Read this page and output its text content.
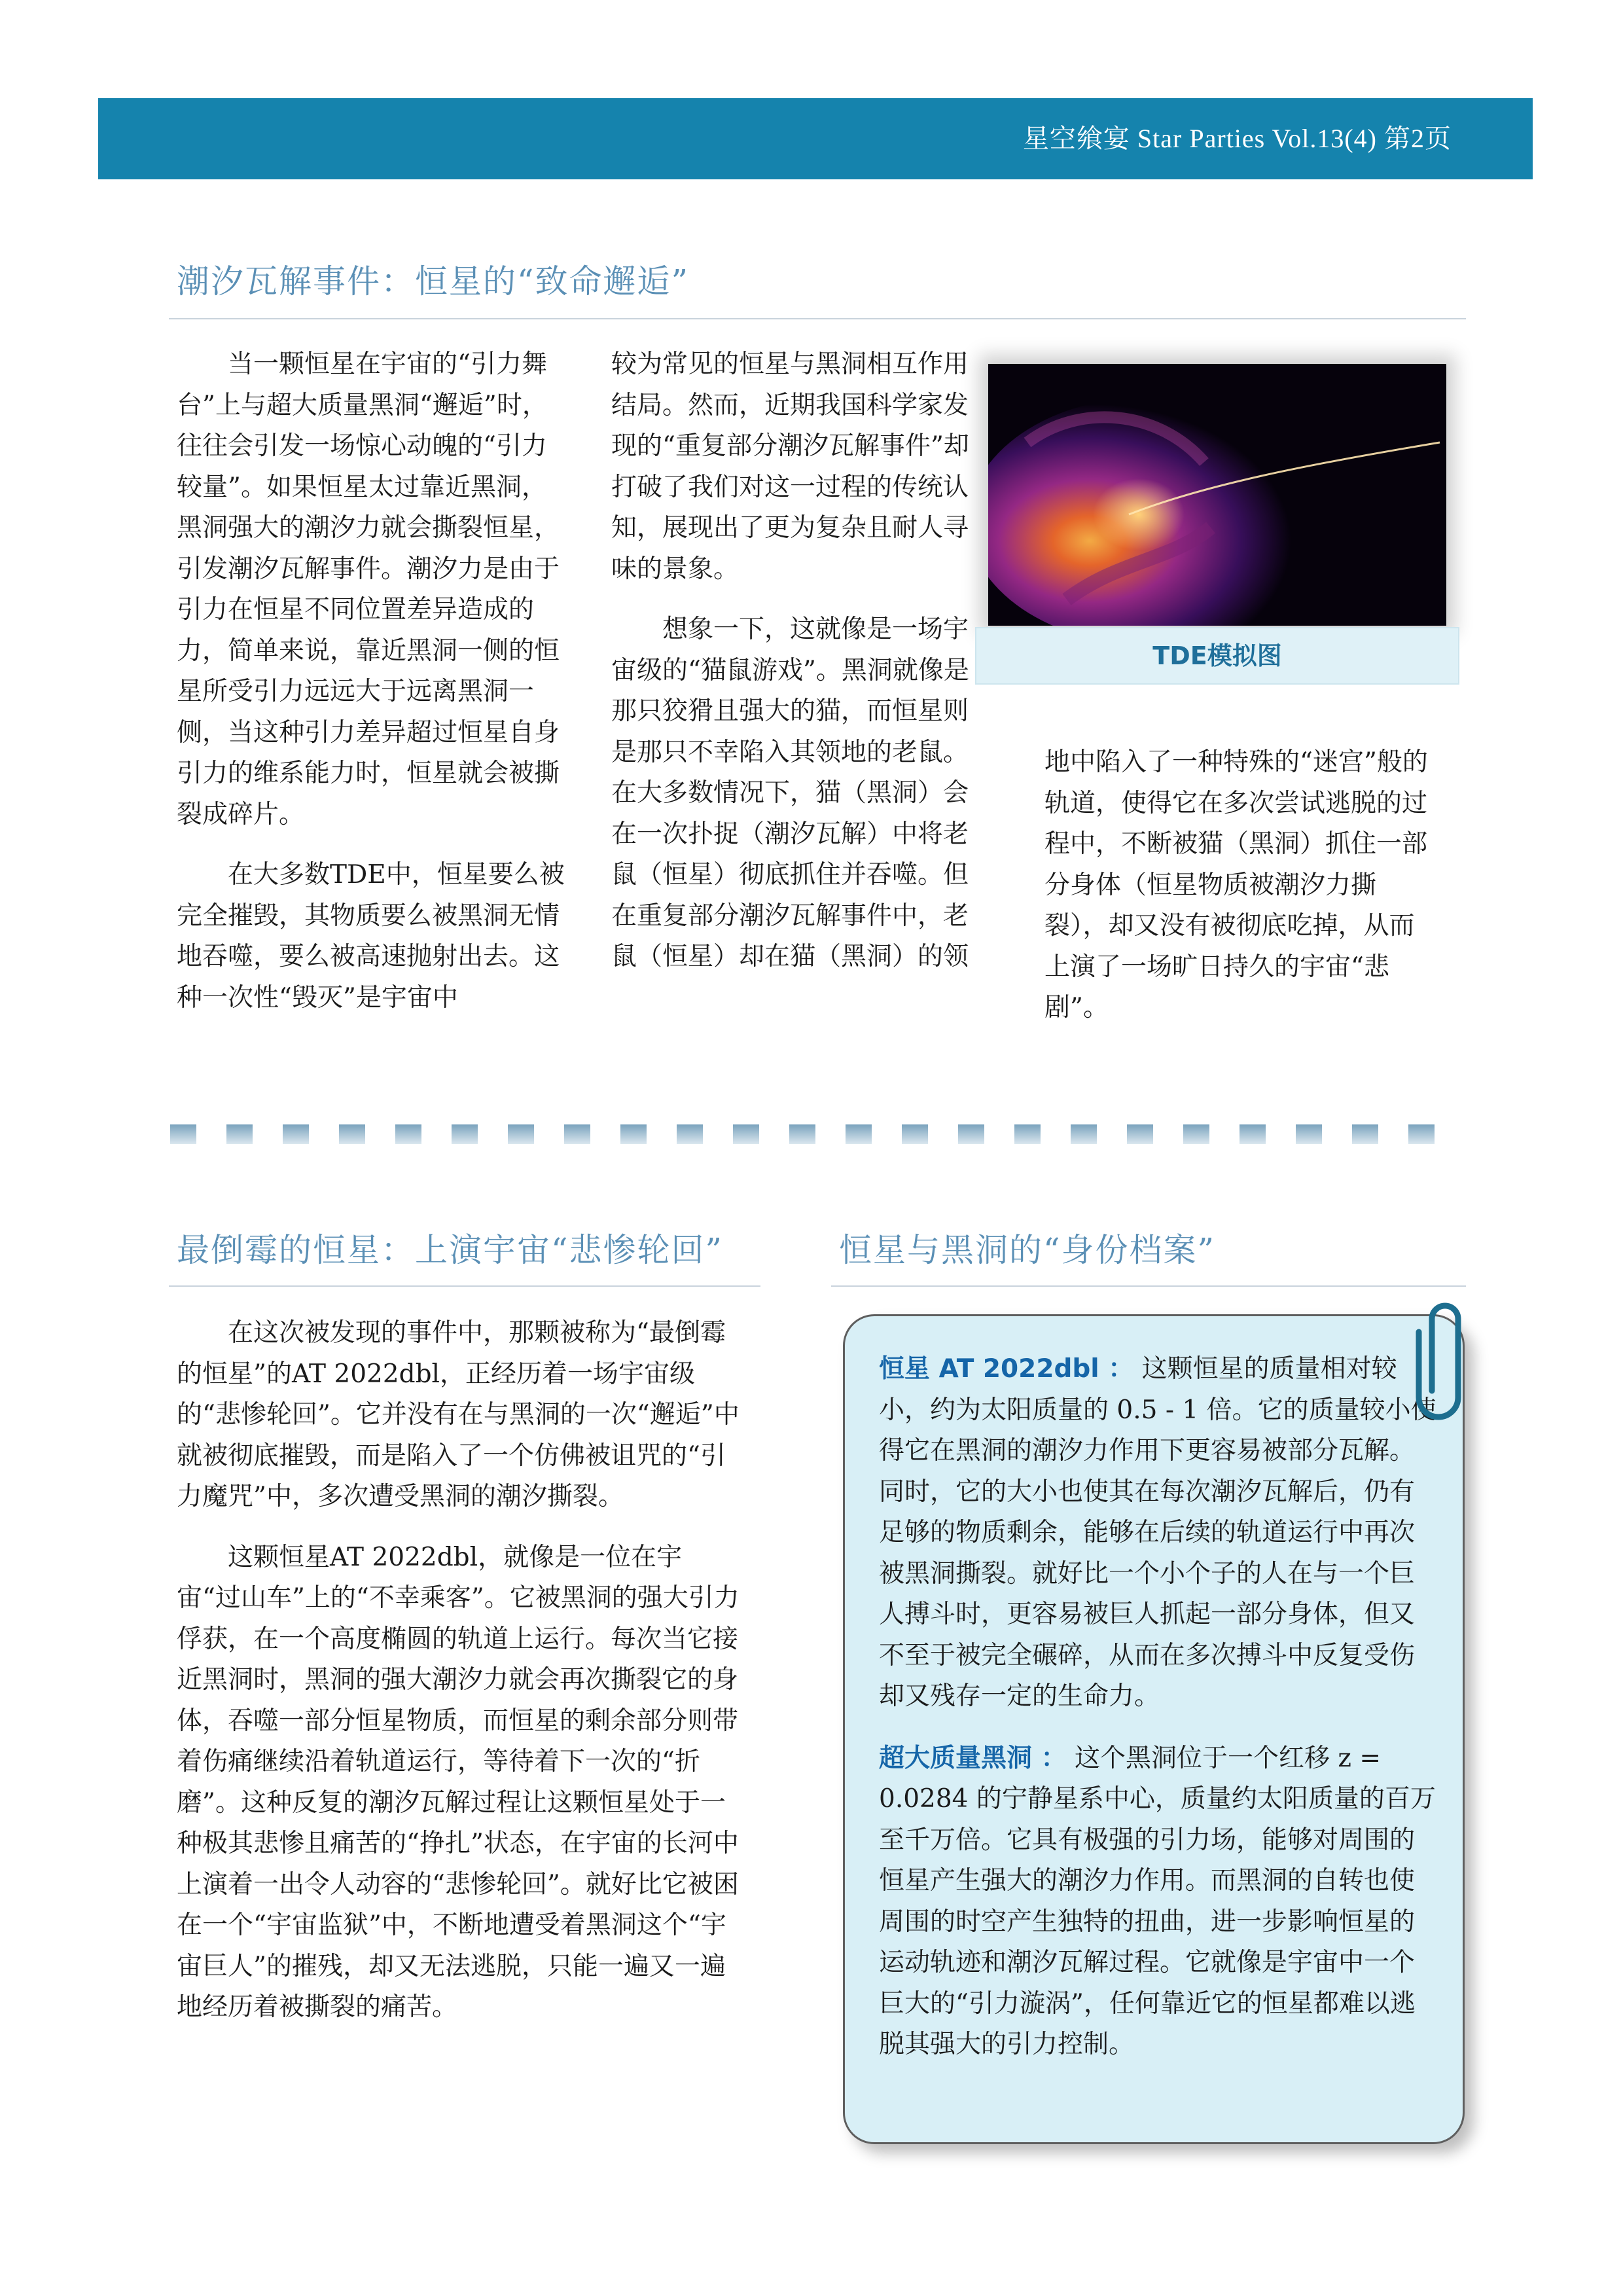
星空飨宴 Star Parties Vol.13(4) 第2页
潮汐瓦解事件：恒星的“致命邂逅”

当一颗恒星在宇宙的“引力舞台”上与超大质量黑洞“邂逅”时，往往会引发一场惊心动魄的“引力较量”。如果恒星太过靠近黑洞，黑洞强大的潮汐力就会撕裂恒星，引发潮汐瓦解事件。潮汐力是由于引力在恒星不同位置差异造成的力，简单来说，靠近黑洞一侧的恒星所受引力远远大于远离黑洞一侧，当这种引力差异超过恒星自身引力的维系能力时，恒星就会被撕裂成碎片。

在大多数TDE中，恒星要么被完全摧毁，其物质要么被黑洞无情地吞噬，要么被高速抛射出去。这种一次性“毁灭”是宇宙中

较为常见的恒星与黑洞相互作用结局。然而，近期我国科学家发现的“重复部分潮汐瓦解事件”却打破了我们对这一过程的传统认知，展现出了更为复杂且耐人寻味的景象。

想象一下，这就像是一场宇宙级的“猫鼠游戏”。黑洞就像是那只狡猾且强大的猫，而恒星则是那只不幸陷入其领地的老鼠。在大多数情况下，猫（黑洞）会在一次扑捉（潮汐瓦解）中将老鼠（恒星）彻底抓住并吞噬。但在重复部分潮汐瓦解事件中，老鼠（恒星）却在猫（黑洞）的领

TDE模拟图

地中陷入了一种特殊的“迷宫”般的轨道，使得它在多次尝试逃脱的过程中，不断被猫（黑洞）抓住一部分身体（恒星物质被潮汐力撕裂），却又没有被彻底吃掉，从而上演了一场旷日持久的宇宙“悲剧”。

最倒霉的恒星：上演宇宙“悲惨轮回”

在这次被发现的事件中，那颗被称为“最倒霉的恒星”的AT 2022dbl，正经历着一场宇宙级的“悲惨轮回”。它并没有在与黑洞的一次“邂逅”中就被彻底摧毁，而是陷入了一个仿佛被诅咒的“引力魔咒”中，多次遭受黑洞的潮汐撕裂。

这颗恒星AT 2022dbl，就像是一位在宇宙“过山车”上的“不幸乘客”。它被黑洞的强大引力俘获，在一个高度椭圆的轨道上运行。每次当它接近黑洞时，黑洞的强大潮汐力就会再次撕裂它的身体，吞噬一部分恒星物质，而恒星的剩余部分则带着伤痛继续沿着轨道运行，等待着下一次的“折磨”。这种反复的潮汐瓦解过程让这颗恒星处于一种极其悲惨且痛苦的“挣扎”状态，在宇宙的长河中上演着一出令人动容的“悲惨轮回”。就好比它被困在一个“宇宙监狱”中，不断地遭受着黑洞这个“宇宙巨人”的摧残，却又无法逃脱，只能一遍又一遍地经历着被撕裂的痛苦。

恒星与黑洞的“身份档案”

恒星 AT 2022dbl ： 这颗恒星的质量相对较小，约为太阳质量的 0.5 - 1 倍。它的质量较小使得它在黑洞的潮汐力作用下更容易被部分瓦解。同时，它的大小也使其在每次潮汐瓦解后，仍有足够的物质剩余，能够在后续的轨道运行中再次被黑洞撕裂。就好比一个小个子的人在与一个巨人搏斗时，更容易被巨人抓起一部分身体，但又不至于被完全碾碎，从而在多次搏斗中反复受伤却又残存一定的生命力。

超大质量黑洞 ： 这个黑洞位于一个红移 z = 0.0284 的宁静星系中心，质量约太阳质量的百万至千万倍。它具有极强的引力场，能够对周围的恒星产生强大的潮汐力作用。而黑洞的自转也使周围的时空产生独特的扭曲，进一步影响恒星的运动轨迹和潮汐瓦解过程。它就像是宇宙中一个巨大的“引力漩涡”，任何靠近它的恒星都难以逃脱其强大的引力控制。
